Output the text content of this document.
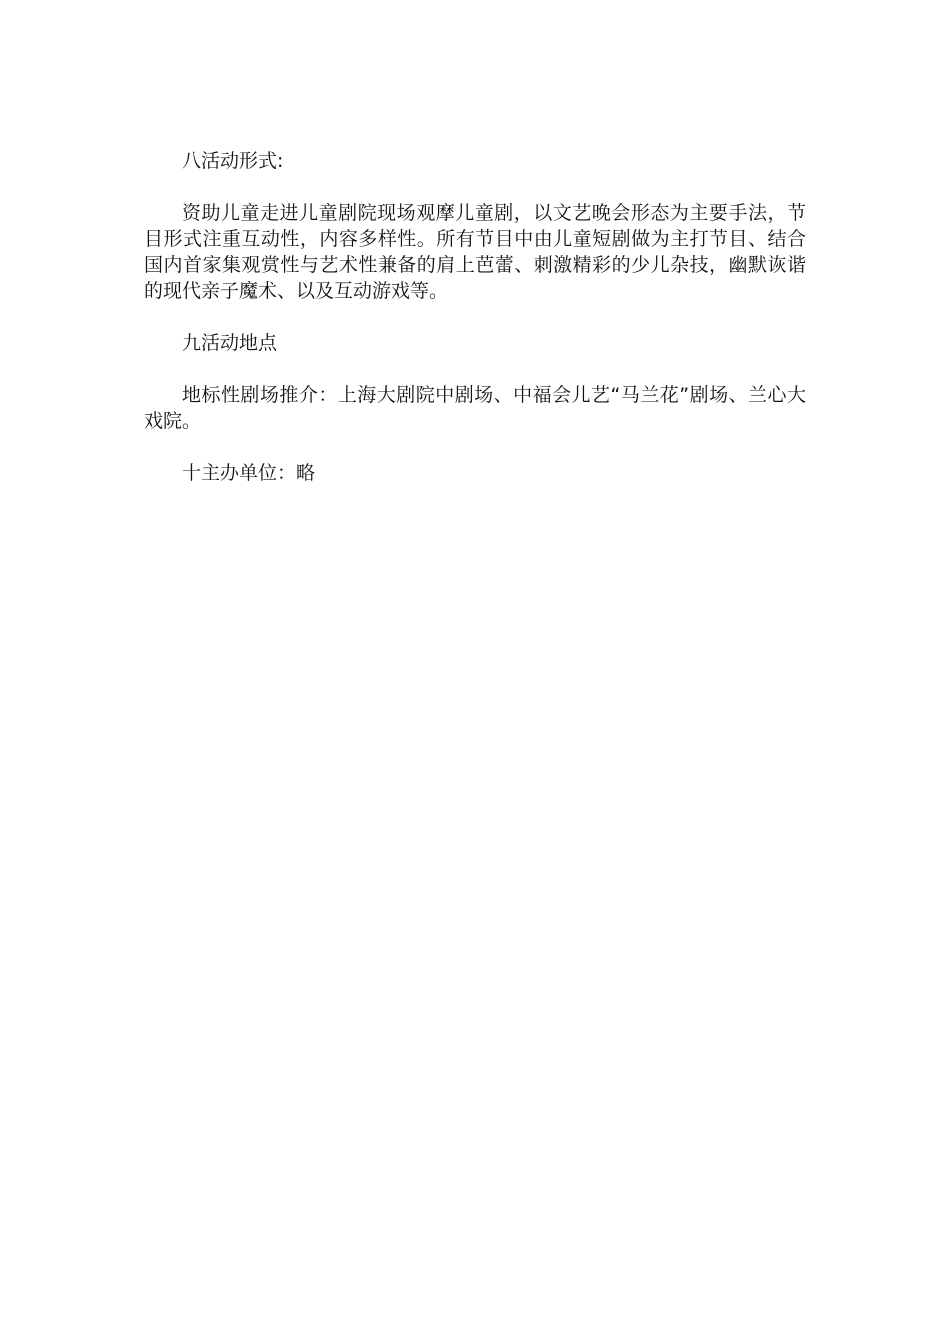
八活动形式:

资助儿童走进儿童剧院现场观摩儿童剧，以文艺晚会形态为主要手法，节目形式注重互动性，内容多样性。所有节目中由儿童短剧做为主打节目、结合国内首家集观赏性与艺术性兼备的肩上芭蕾、刺激精彩的少儿杂技，幽默诙谐的现代亲子魔术、以及互动游戏等。

九活动地点

地标性剧场推介：上海大剧院中剧场、中福会儿艺“马兰花”剧场、兰心大戏院。

十主办单位：略
